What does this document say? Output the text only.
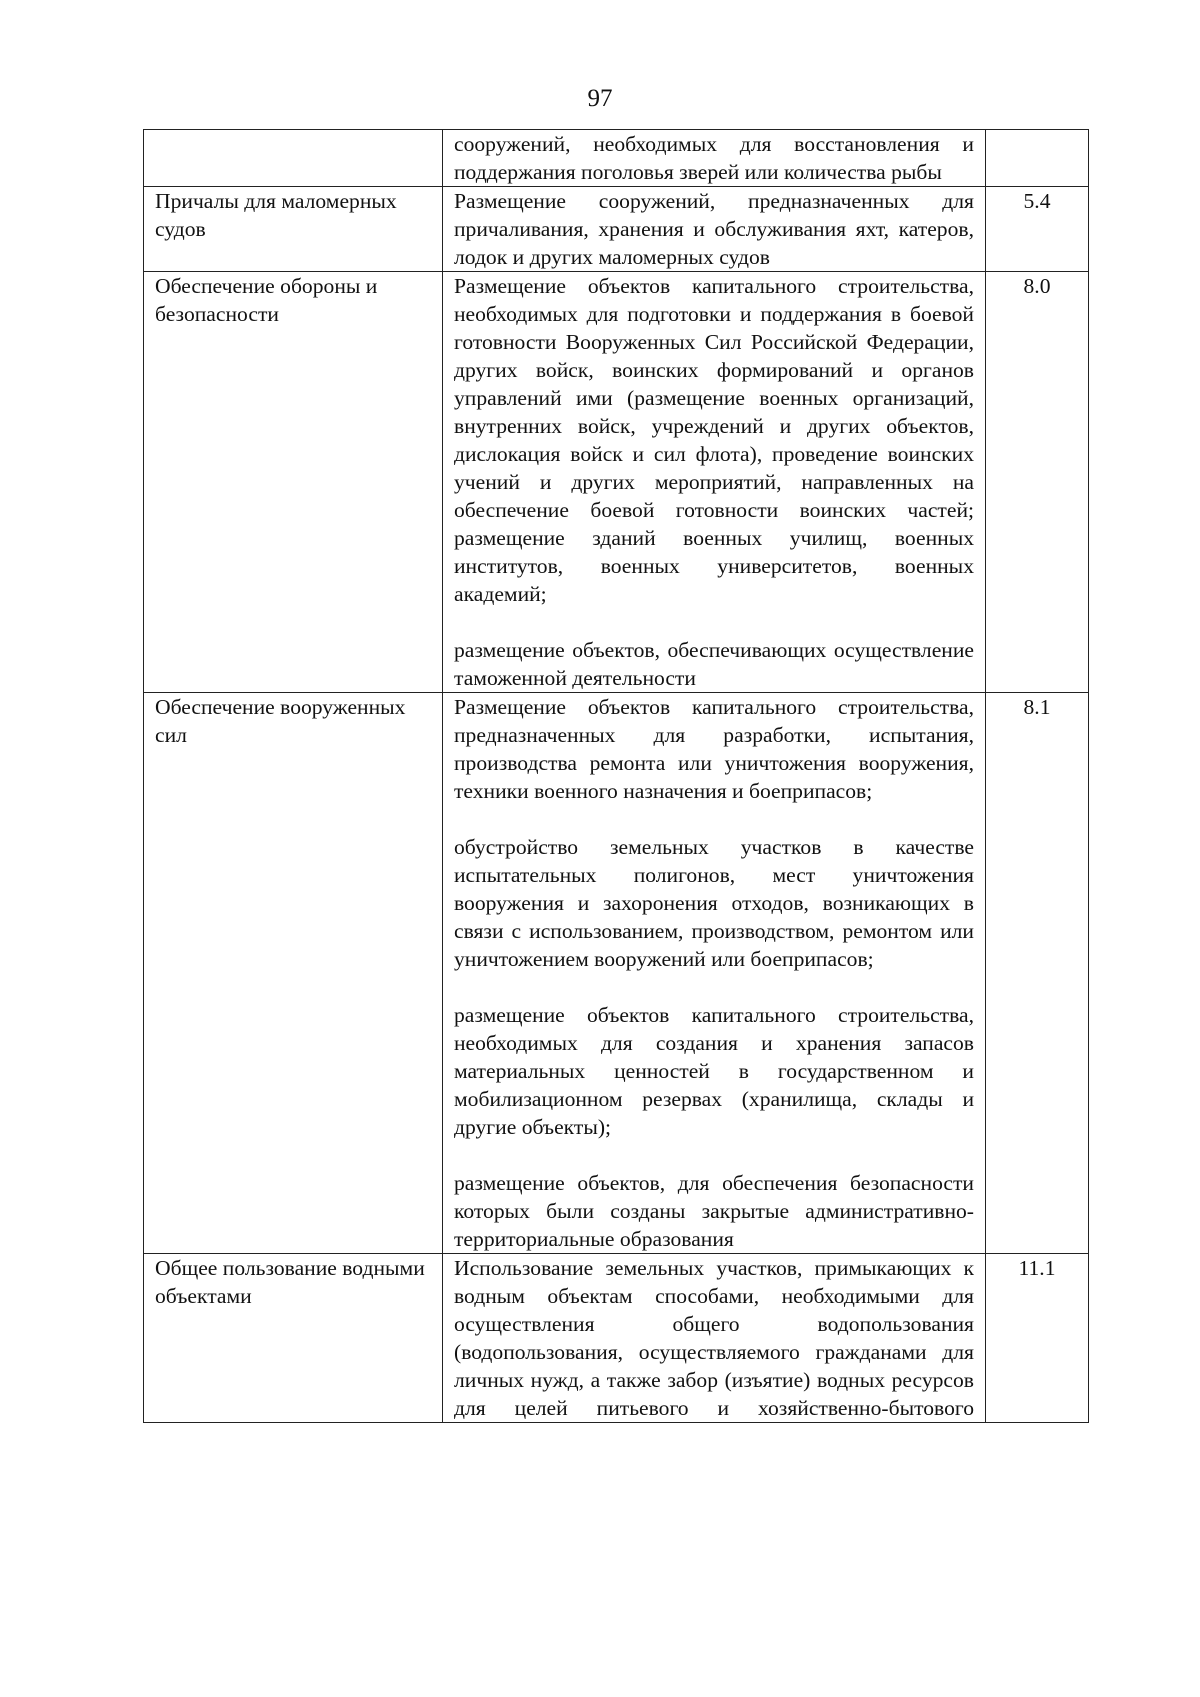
97

	сооружений, необходимых для восстановления и поддержания поголовья зверей или количества рыбы	

Причалы для маломерных судов	Размещение сооружений, предназначенных для причаливания, хранения и обслуживания яхт, катеров, лодок и других маломерных судов	5.4
Обеспечение обороны и безопасности	Размещение объектов капитального строительства, необходимых для подготовки и поддержания в боевой готовности Вооруженных Сил Российской Федерации, других войск, воинских формирований и органов управлений ими (размещение военных организаций, внутренних войск, учреждений и других объектов, дислокация войск и сил флота), проведение воинских учений и других мероприятий, направленных на обеспечение боевой готовности воинских частей; размещение зданий военных училищ, военных институтов, военных университетов, военных академий;

размещение объектов, обеспечивающих осуществление таможенной деятельности	8.0
Обеспечение вооруженных сил	Размещение объектов капитального строительства, предназначенных для разработки, испытания, производства ремонта или уничтожения вооружения, техники военного назначения и боеприпасов;

обустройство земельных участков в качестве испытательных полигонов, мест уничтожения вооружения и захоронения отходов, возникающих в связи с использованием, производством, ремонтом или уничтожением вооружений или боеприпасов;

размещение объектов капитального строительства, необходимых для создания и хранения запасов материальных ценностей в государственном и мобилизационном резервах (хранилища, склады и другие объекты);

размещение объектов, для обеспечения безопасности которых были созданы закрытые административно-территориальные образования	8.1
Общее пользование водными объектами	Использование земельных участков, примыкающих к водным объектам способами, необходимыми для осуществления общего водопользования (водопользования, осуществляемого гражданами для личных нужд, а также забор (изъятие) водных ресурсов для целей питьевого и хозяйственно-бытового	11.1
